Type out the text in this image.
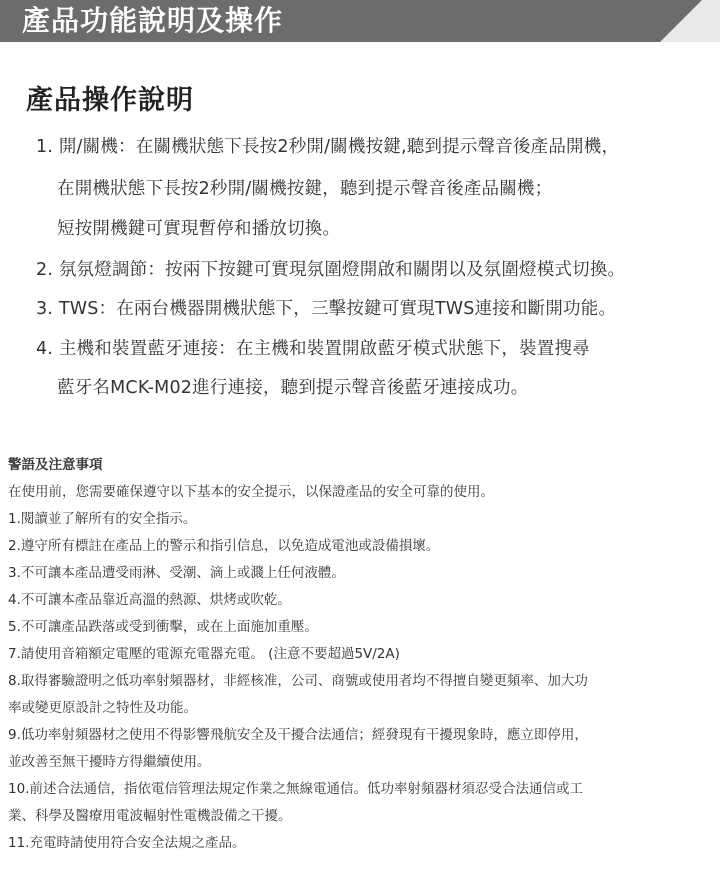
產品功能說明及操作
產品操作說明
1. 開/關機：在關機狀態下長按2秒開/關機按鍵,聽到提示聲音後產品開機，
在開機狀態下長按2秒開/關機按鍵，聽到提示聲音後產品關機；
短按開機鍵可實現暫停和播放切換。
2. 氛氛燈調節：按兩下按鍵可實現氛圍燈開啟和關閉以及氛圍燈模式切換。
3. TWS：在兩台機器開機狀態下，三擊按鍵可實現TWS連接和斷開功能。
4. 主機和裝置藍牙連接：在主機和裝置開啟藍牙模式狀態下，裝置搜尋
藍牙名MCK-M02進行連接，聽到提示聲音後藍牙連接成功。
警語及注意事項
在使用前，您需要確保遵守以下基本的安全提示，以保證產品的安全可靠的使用。
1.閱讀並了解所有的安全指示。
2.遵守所有標註在產品上的警示和指引信息，以免造成電池或設備損壞。
3.不可讓本產品遭受雨淋、受潮、滴上或濺上任何液體。
4.不可讓本產品靠近高溫的熱源、烘烤或吹乾。
5.不可讓產品跌落或受到衝擊，或在上面施加重壓。
7.請使用音箱額定電壓的電源充電器充電。 (注意不要超過5V/2A)
8.取得審驗證明之低功率射頻器材，非經核准，公司、商號或使用者均不得擅自變更頻率、加大功
率或變更原設計之特性及功能。
9.低功率射頻器材之使用不得影響飛航安全及干擾合法通信；經發現有干擾現象時，應立即停用，
並改善至無干擾時方得繼續使用。
10.前述合法通信，指依電信管理法規定作業之無線電通信。低功率射頻器材須忍受合法通信或工
業、科學及醫療用電波輻射性電機設備之干擾。
11.充電時請使用符合安全法規之產品。
